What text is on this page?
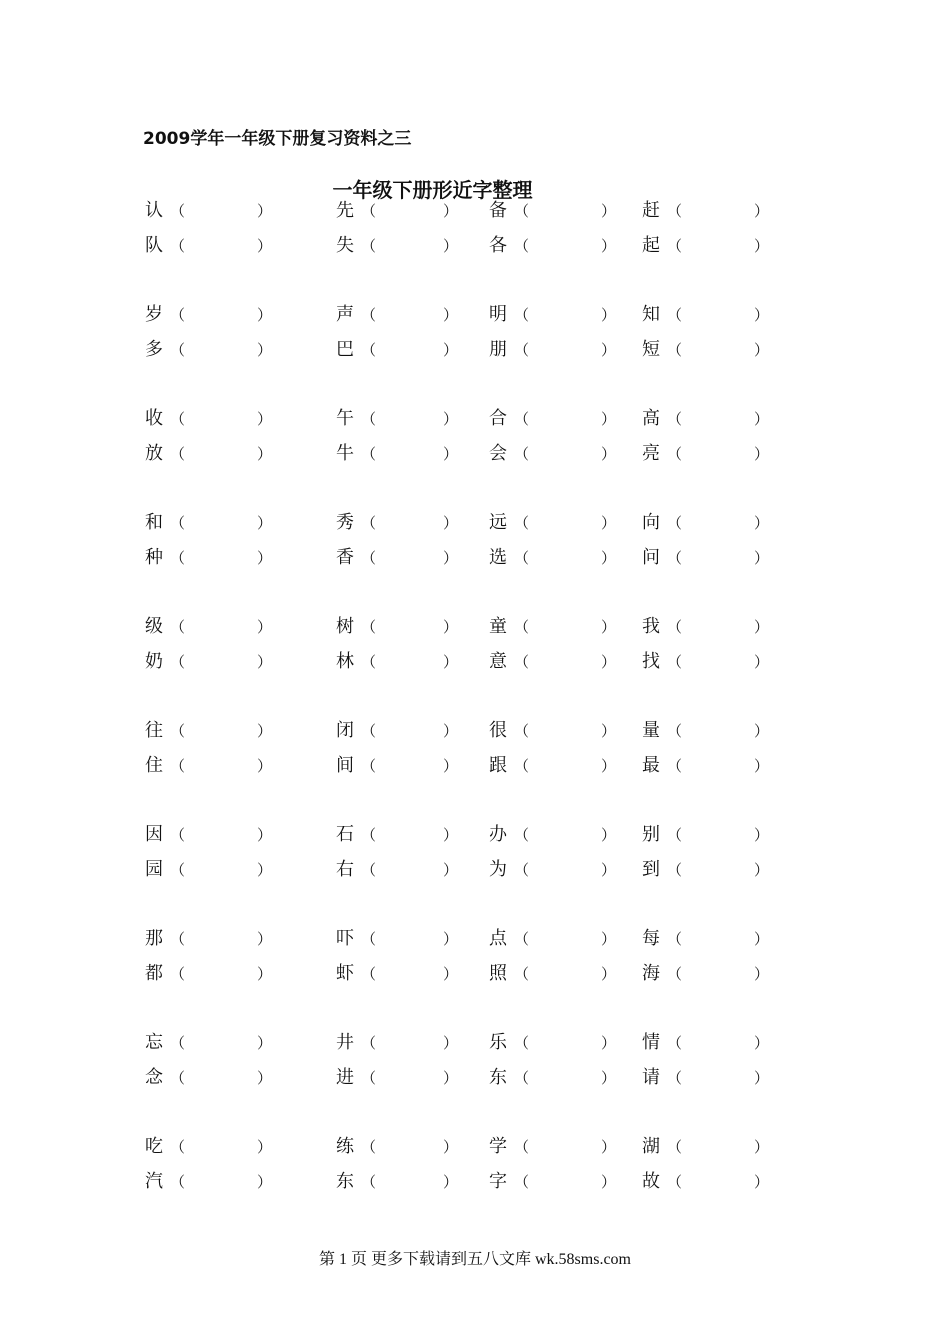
2009学年一年级下册复习资料之三
一年级下册形近字整理
认 （	）	先 （	） 备 （	） 赶 （	）
队 （	）	失 （	） 各 （	） 起 （	）
岁 （	）	声 （	） 明 （	） 知 （	）
多 （	）	巴 （	） 朋 （	） 短 （	）
收 （	）	午 （	） 合 （	） 高 （	）
放 （	）	牛 （	） 会 （	） 亮 （	）
和 （	）	秀 （	） 远 （	） 向 （	）
种 （	）	香 （	） 选 （	） 问 （	）
级 （	）	树 （	） 童 （	） 我 （	）
奶 （	）	林 （	） 意 （	） 找 （	）
往 （	）	闭 （	） 很 （	） 量 （	）
住 （	）	间 （	） 跟 （	） 最 （	）
因 （	）	石 （	） 办 （	） 别 （	）
园 （	）	右 （	） 为 （	） 到 （	）
那 （	）	吓 （	） 点 （	） 每 （	）
都 （	）	虾 （	） 照 （	） 海 （	）
忘 （	）	井 （	） 乐 （	） 情 （	）
念 （	）	进 （	） 东 （	） 请 （	）
吃 （	）	练 （	） 学 （	） 湖 （	）
汽 （	）	东 （	） 字 （	） 故 （	）
第 1 页 更多下载请到五八文库 wk.58sms.com
